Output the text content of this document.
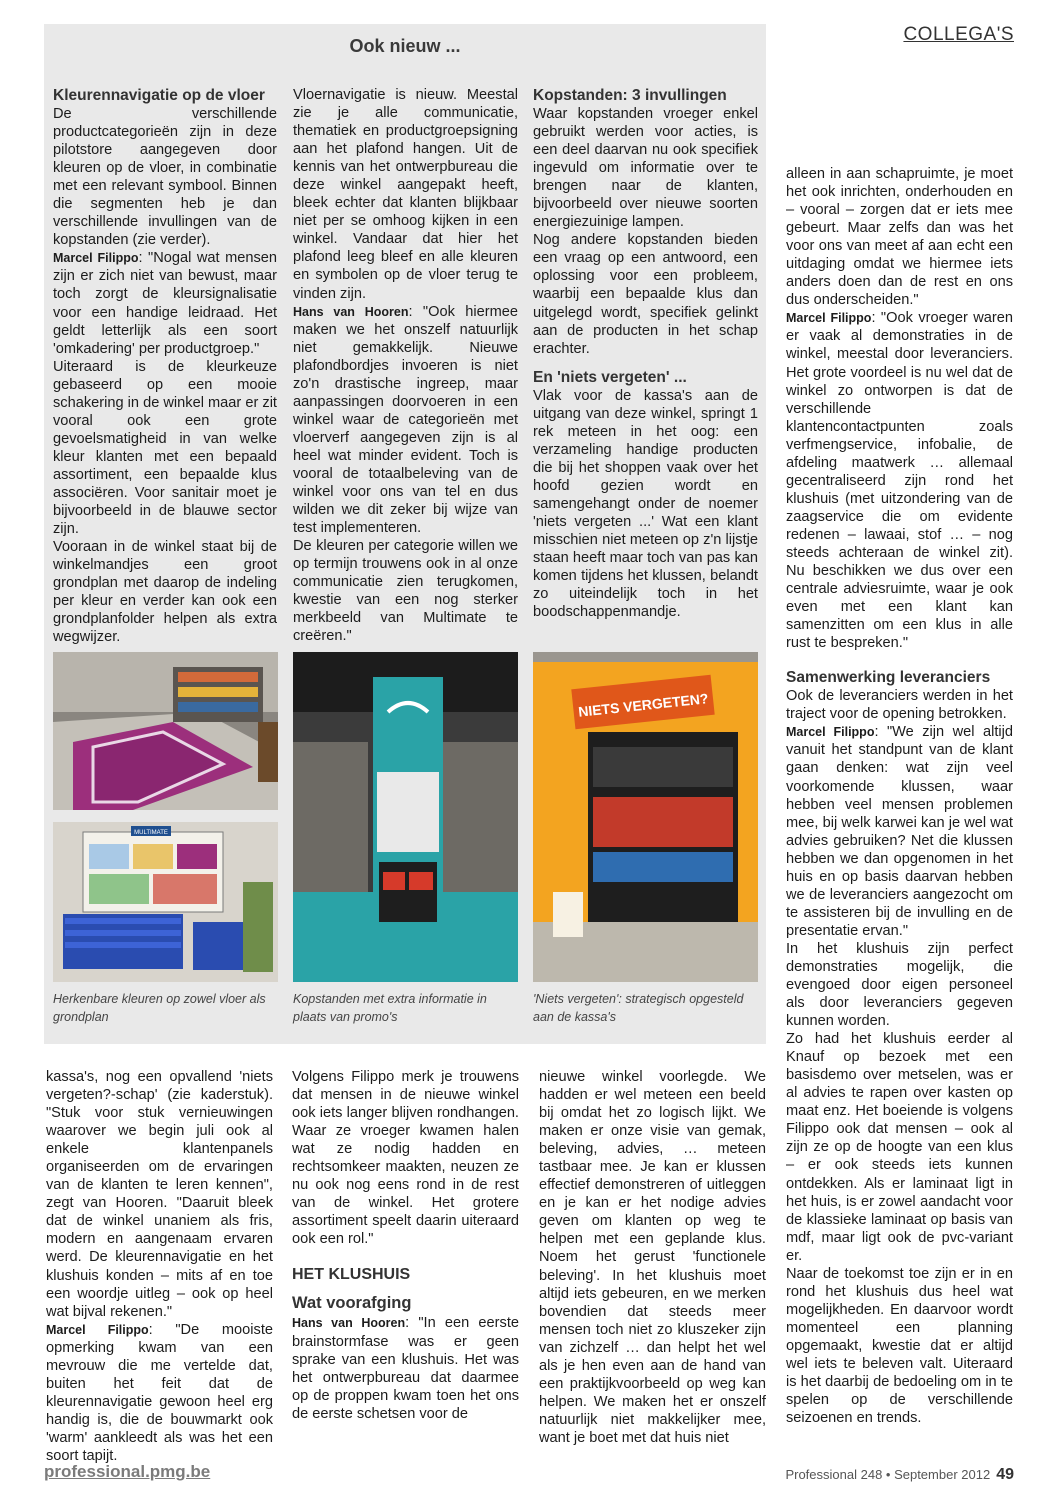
Ook nieuw ...
COLLEGA'S
Kleurennavigatie op de vloer

De verschillende productcategorieën zijn in deze pilotstore aangegeven door kleuren op de vloer, in combinatie met een relevant symbool. Binnen die segmenten heb je dan verschillende invullingen van de kopstanden (zie verder).

Marcel Filippo: "Nogal wat mensen zijn er zich niet van bewust, maar toch zorgt de kleursignalisatie voor een handige leidraad. Het geldt letterlijk als een soort 'omkadering' per productgroep."

Uiteraard is de kleurkeuze gebaseerd op een mooie schakering in de winkel maar er zit vooral ook een grote gevoelsmatigheid in van welke kleur klanten met een bepaald assortiment, een bepaalde klus associëren. Voor sanitair moet je bijvoorbeeld in de blauwe sector zijn.

Vooraan in de winkel staat bij de winkelmandjes een groot grondplan met daarop de indeling per kleur en verder kan ook een grondplanfolder helpen als extra wegwijzer.

Vloernavigatie is nieuw. Meestal zie je alle communicatie, thematiek en productgroepsigning aan het plafond hangen. Uit de kennis van het ontwerpbureau die deze winkel aangepakt heeft, bleek echter dat klanten blijkbaar niet per se omhoog kijken in een winkel. Vandaar dat hier het plafond leeg bleef en alle kleuren en symbolen op de vloer terug te vinden zijn.

Hans van Hooren: "Ook hiermee maken we het onszelf natuurlijk niet gemakkelijk. Nieuwe plafondbordjes invoeren is niet zo'n drastische ingreep, maar aanpassingen doorvoeren in een winkel waar de categorieën met vloerverf aangegeven zijn is al heel wat minder evident. Toch is vooral de totaalbeleving van de winkel voor ons van tel en dus wilden we dit zeker bij wijze van test implementeren.

De kleuren per categorie willen we op termijn trouwens ook in al onze communicatie zien terugkomen, kwestie van een nog sterker merkbeeld van Multimate te creëren."

Kopstanden: 3 invullingen

Waar kopstanden vroeger enkel gebruikt werden voor acties, is een deel daarvan nu ook specifiek ingevuld om informatie over te brengen naar de klanten, bijvoorbeeld over nieuwe soorten energiezuinige lampen.

Nog andere kopstanden bieden een vraag op een antwoord, een oplossing voor een probleem, waarbij een bepaalde klus dan uitgelegd wordt, specifiek gelinkt aan de producten in het schap erachter.

En 'niets vergeten' ...

Vlak voor de kassa's aan de uitgang van deze winkel, springt 1 rek meteen in het oog: een verzameling handige producten die bij het shoppen vaak over het hoofd gezien wordt en samengehangt onder de noemer 'niets vergeten ...' Wat een klant misschien niet meteen op z'n lijstje staan heeft maar toch van pas kan komen tijdens het klussen, belandt zo uiteindelijk toch in het boodschappenmandje.

MULTIMATE
NIETS VERGETEN?
Herkenbare kleuren op zowel vloer als grondplan
Kopstanden met extra informatie in plaats van promo's
'Niets vergeten': strategisch opgesteld aan de kassa's

alleen in aan schapruimte, je moet het ook inrichten, onderhouden en – vooral – zorgen dat er iets mee gebeurt. Maar zelfs dan was het voor ons van meet af aan echt een uitdaging omdat we hiermee iets anders doen dan de rest en ons dus onderscheiden."

Marcel Filippo: "Ook vroeger waren er vaak al demonstraties in de winkel, meestal door leveranciers. Het grote voordeel is nu wel dat de winkel zo ontworpen is dat de verschillende klantencontactpunten zoals verfmengservice, infobalie, de afdeling maatwerk … allemaal gecentraliseerd zijn rond het klushuis (met uitzondering van de zaagservice die om evidente redenen – lawaai, stof … – nog steeds achteraan de winkel zit). Nu beschikken we dus over een centrale adviesruimte, waar je ook even met een klant kan samenzitten om een klus in alle rust te bespreken."

Samenwerking leveranciers

Ook de leveranciers werden in het traject voor de opening betrokken.

Marcel Filippo: "We zijn wel altijd vanuit het standpunt van de klant gaan denken: wat zijn veel voorkomende klussen, waar hebben veel mensen problemen mee, bij welk karwei kan je wel wat advies gebruiken? Net die klussen hebben we dan opgenomen in het huis en op basis daarvan hebben we de leveranciers aangezocht om te assisteren bij de invulling en de presentatie ervan."

In het klushuis zijn perfect demonstraties mogelijk, die evengoed door eigen personeel als door leveranciers gegeven kunnen worden.

Zo had het klushuis eerder al Knauf op bezoek met een basisdemo over metselen, was er al advies te rapen over kasten op maat enz. Het boeiende is volgens Filippo ook dat mensen – ook al zijn ze op de hoogte van een klus – er ook steeds iets kunnen ontdekken. Als er laminaat ligt in het huis, is er zowel aandacht voor de klassieke laminaat op basis van mdf, maar ligt ook de pvc-variant er.

Naar de toekomst toe zijn er in en rond het klushuis dus heel wat mogelijkheden. En daarvoor wordt momenteel een planning opgemaakt, kwestie dat er altijd wel iets te beleven valt. Uiteraard is het daarbij de bedoeling om in te spelen op de verschillende seizoenen en trends.

kassa's, nog een opvallend 'niets vergeten?-schap' (zie kaderstuk). "Stuk voor stuk vernieuwingen waarover we begin juli ook al enkele klantenpanels organiseerden om de ervaringen van de klanten te leren kennen", zegt van Hooren. "Daaruit bleek dat de winkel unaniem als fris, modern en aangenaam ervaren werd. De kleurennavigatie en het klushuis konden – mits af en toe een woordje uitleg – ook op heel wat bijval rekenen."

Marcel Filippo: "De mooiste opmerking kwam van een mevrouw die me vertelde dat, buiten het feit dat de kleurennavigatie gewoon heel erg handig is, die de bouwmarkt ook 'warm' aankleedt als was het een soort tapijt.

Volgens Filippo merk je trouwens dat mensen in de nieuwe winkel ook iets langer blijven rondhangen. Waar ze vroeger kwamen halen wat ze nodig hadden en rechtsomkeer maakten, neuzen ze nu ook nog eens rond in de rest van de winkel. Het grotere assortiment speelt daarin uiteraard ook een rol."

HET KLUSHUIS
Wat voorafging

Hans van Hooren: "In een eerste brainstormfase was er geen sprake van een klushuis. Het was het ontwerpbureau dat daarmee op de proppen kwam toen het ons de eerste schetsen voor de

nieuwe winkel voorlegde. We hadden er wel meteen een beeld bij omdat het zo logisch lijkt. We maken er onze visie van gemak, beleving, advies, … meteen tastbaar mee. Je kan er klussen effectief demonstreren of uitleggen en je kan er het nodige advies geven om klanten op weg te helpen met een geplande klus. Noem het gerust 'functionele beleving'. In het klushuis moet altijd iets gebeuren, en we merken bovendien dat steeds meer mensen toch niet zo kluszeker zijn van zichzelf … dan helpt het wel als je hen even aan de hand van een praktijkvoorbeeld op weg kan helpen. We maken het er onszelf natuurlijk niet makkelijker mee, want je boet met dat huis niet

professional.pmg.be	Professional 248 • September 2012 49
